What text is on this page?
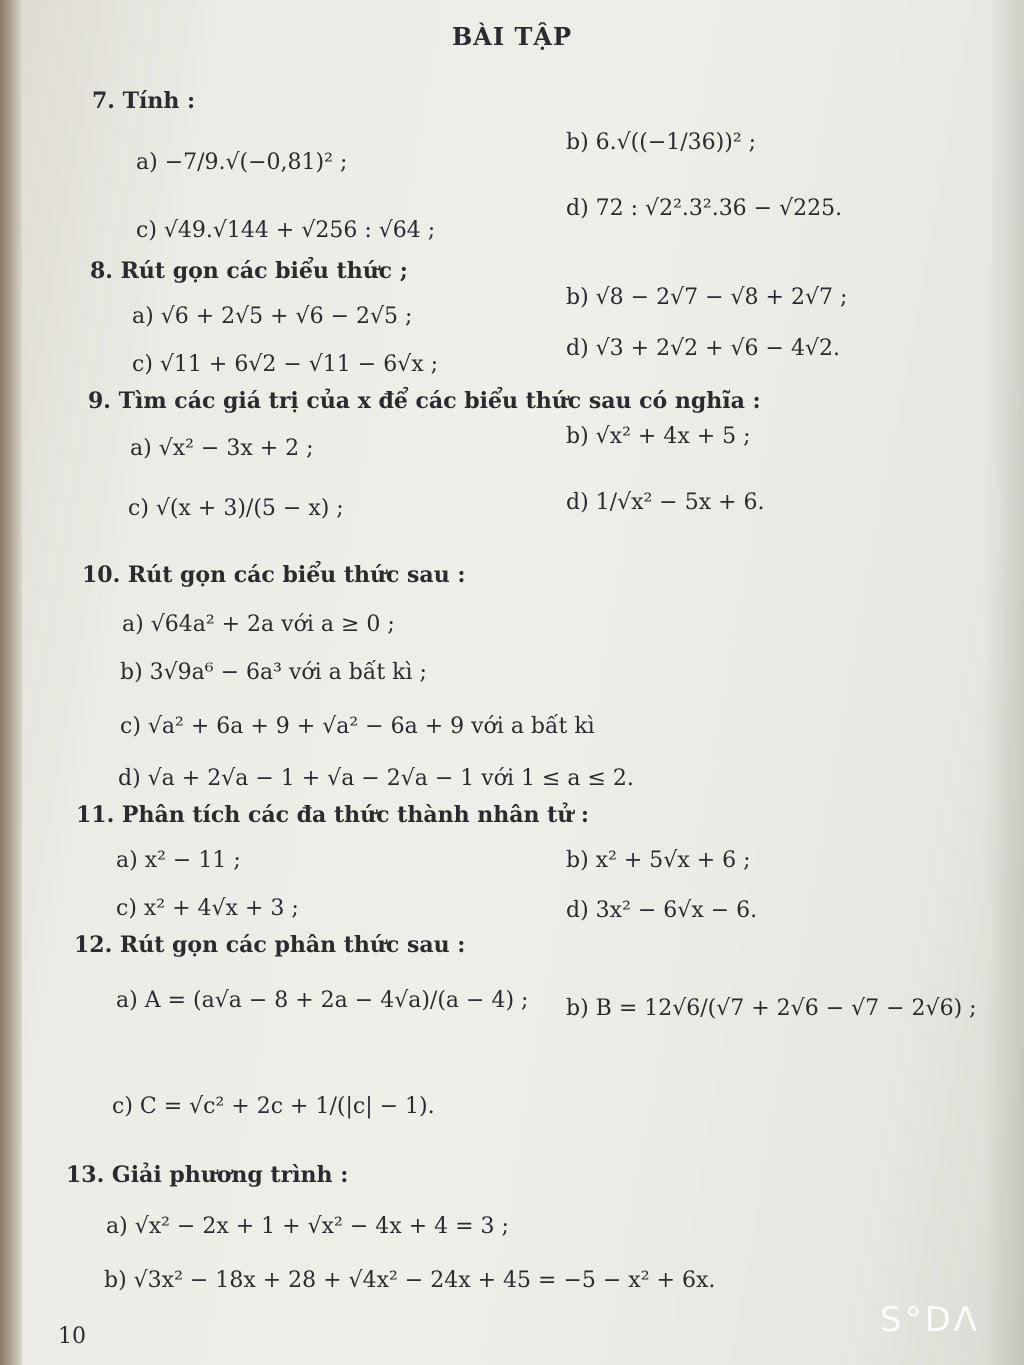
BÀI TẬP
7. Tính :
a) −7/9.√(−0,81)² ;
b) 6.√((−1/36))² ;
c) √49.√144 + √256 : √64 ;
d) 72 : √2².3².36 − √225.
8. Rút gọn các biểu thức ;
a) √6 + 2√5 + √6 − 2√5 ;
b) √8 − 2√7 − √8 + 2√7 ;
c) √11 + 6√2 − √11 − 6√x ;
d) √3 + 2√2 + √6 − 4√2.
9. Tìm các giá trị của x để các biểu thức sau có nghĩa :
a) √x² − 3x + 2 ;	b) √x² + 4x + 5 ;
c) √(x + 3)/(5 − x) ;	d) 1/√x² − 5x + 6.
10. Rút gọn các biểu thức sau :
a) √64a² + 2a với a ≥ 0 ;
b) 3√9a⁶ − 6a³ với a bất kì ;
c) √a² + 6a + 9 + √a² − 6a + 9 với a bất kì
d) √a + 2√a − 1 + √a − 2√a − 1 với 1 ≤ a ≤ 2.
11. Phân tích các đa thức thành nhân tử :
a) x² − 11 ;	b) x² + 5√x + 6 ;
c) x² + 4√x + 3 ;	d) 3x² − 6√x − 6.
12. Rút gọn các phân thức sau :
a) A = (a√a − 8 + 2a − 4√a)/(a − 4) ; b) B = 12√6/(√7 + 2√6 − √7 − 2√6) ;
c) C = √c² + 2c + 1/(|c| − 1).
13. Giải phương trình :
a) √x² − 2x + 1 + √x² − 4x + 4 = 3 ;
b) √3x² − 18x + 28 + √4x² − 24x + 45 = −5 − x² + 6x.
10	S°DΛ
